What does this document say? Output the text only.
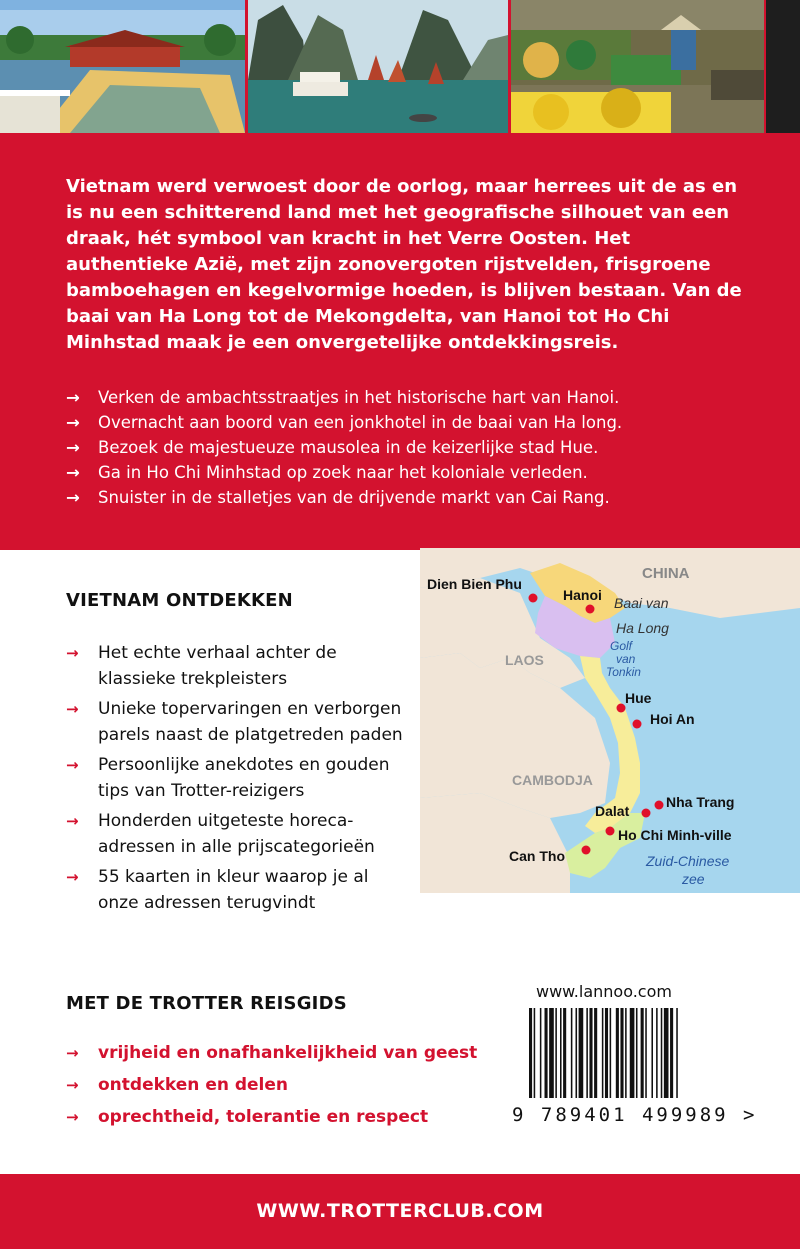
Vietnam werd verwoest door de oorlog, maar herrees uit de as en is nu een schitterend land met het geografische silhouet van een draak, hét symbool van kracht in het Verre Oosten. Het authentieke Azië, met zijn zonovergoten rijstvelden, frisgroene bamboehagen en kegelvormige hoeden, is blijven bestaan. Van de baai van Ha Long tot de Mekongdelta, van Hanoi tot Ho Chi Minhstad maak je een onvergetelijke ontdekkingsreis.

→ Verken de ambachtsstraatjes in het historische hart van Hanoi.
→ Overnacht aan boord van een jonkhotel in de baai van Ha long.
→ Bezoek de majestueuze mausolea in de keizerlijke stad Hue.
→ Ga in Ho Chi Minhstad op zoek naar het koloniale verleden.
→ Snuister in de stalletjes van de drijvende markt van Cai Rang.
VIETNAM ONTDEKKEN
→ Het echte verhaal achter de klassieke trekpleisters
→ Unieke topervaringen en verborgen parels naast de platgetreden paden
→ Persoonlijke anekdotes en gouden tips van Trotter-reizigers
→ Honderden uitgeteste horeca-adressen in alle prijscategorieën
→ 55 kaarten in kleur waarop je al onze adressen terugvindt
CHINA
LAOS
CAMBODJA
Baai van
Ha Long
Golf
van
Tonkin
Zuid-Chinese
zee
Dien Bien Phu
Hanoi
Hue
Hoi An
Nha Trang
Dalat
Ho Chi Minh-ville
Can Tho
MET DE TROTTER REISGIDS
→ vrijheid en onafhankelijkheid van geest
→ ontdekken en delen
→ oprechtheid, tolerantie en respect
www.lannoo.com
9 789401 499989 >
WWW.TROTTERCLUB.COM
